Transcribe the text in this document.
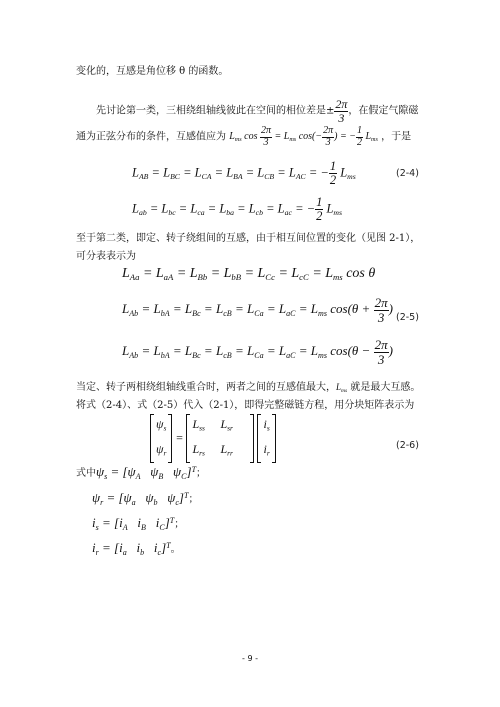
变化的，互感是角位移 θ 的函数。
先讨论第一类，三相绕组轴线彼此在空间的相位差是± $\frac{2\pi}{3}$ ，在假定气隙磁
通为正弦分布的条件，互感值应为 $L_{ms}$ $\cos \frac{2\pi}{3} = L_{ms}$ $\cos(- \frac{2\pi}{3}$ ) = − $\frac{1}{2} L_{ms}$ ，于是
$L_{AB} = L_{BC} = L_{CA} = L_{BA} = L_{CB} = L_{AC}$ = − $\frac{1}{2} L_{ms}$	(2-4)
$L_{ab} = L_{bc} = L_{ca} = L_{ba} = L_{cb} = L_{ac}$ = − $\frac{1}{2} L_{ms}$
至于第二类，即定、转子绕组间的互感，由于相互间位置的变化（见图 2-1），
可分表表示为
$L_{Aa} = L_{aA} = L_{Bb} = L_{bB} = L_{Cc} = L_{cC} = L_{ms}$ cos θ
$L_{Ab} = L_{bA} = L_{Bc} = L_{cB} = L_{Ca} = L_{aC} = L_{ms}$ $\cos(\theta + \frac{2\pi}{3}$ )
(2-5)
$L_{Ab} = L_{bA} = L_{Bc} = L_{cB} = L_{Ca} = L_{aC} = L_{ms}$ $\cos(\theta - \frac{2\pi}{3}$ )
当定、转子两相绕组轴线重合时，两者之间的互感值最大，$L_{ms}$ 就是最大互感。
将式（2-4）、式（2-5）代入（2-1），即得完整磁链方程，用分块矩阵表示为
$\psi_s$
$\psi_r$
=
$L_{ss}$ $L_{sr}$
$L_{rs}$ $L_{rr}$

$i_s$
$i_r$
(2-6)
式中$\psi_s = [\psi_A$   $\psi_B$   $\psi_C]^T$；
$\psi_r = [\psi_a$   $\psi_b$   $\psi_c]^T$；
$i_s = [i_A$   $i_B$   $i_C]^T$；
$i_r = [i_a$   $i_b$   $i_c]^T$。
- 9 -
